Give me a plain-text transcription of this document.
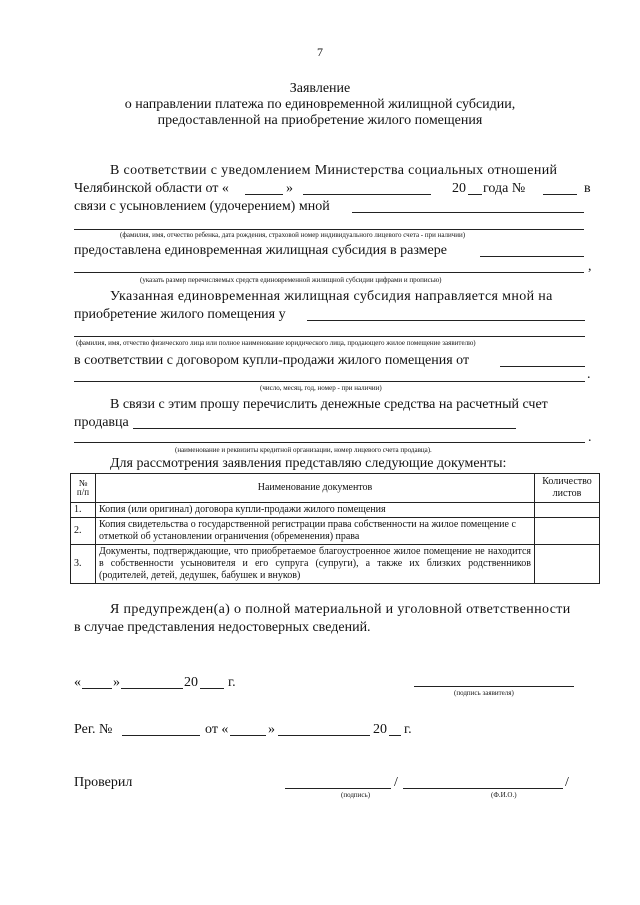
7
Заявление
о направлении платежа по единовременной жилищной субсидии,
предоставленной на приобретение жилого помещения
В соответствии с уведомлением Министерства социальных отношений
Челябинской области от «	»	20 года №	в
связи с усыновлением (удочерением) мной
(фамилия, имя, отчество ребенка, дата рождения, страховой номер индивидуального лицевого счета - при наличии)
предоставлена единовременная жилищная субсидия в размере
,
(указать размер перечисляемых средств единовременной жилищной субсидии цифрами и прописью)
Указанная единовременная жилищная субсидия направляется мной на
приобретение жилого помещения у
(фамилия, имя, отчество физического лица или полное наименование юридического лица, продающего жилое помещение заявителю)
в соответствии с договором купли-продажи жилого помещения от
.
(число, месяц, год, номер - при наличии)
В связи с этим прошу перечислить денежные средства на расчетный счет
продавца
.
(наименование и реквизиты кредитной организации, номер лицевого счета продавца).
Для рассмотрения заявления представляю следующие документы:
№ п/п	Наименование документов	Количество листов
1.	Копия (или оригинал) договора купли-продажи жилого помещения	
2.	Копия свидетельства о государственной регистрации права собственности на жилое помещение с отметкой об установлении ограничения (обременения) права	
3.	Документы, подтверждающие, что приобретаемое благоустроенное жилое помещение не находится в собственности усыновителя и его супруга (супруги), а также их близких родственников (родителей, детей, дедушек, бабушек и внуков)	
Я предупрежден(а) о полной материальной и уголовной ответственности
в случае представления недостоверных сведений.
« »	20 г.
(подпись заявителя)
Рег. №	от «	»	20 г.
Проверил	/	/
(подпись)	(Ф.И.О.)
